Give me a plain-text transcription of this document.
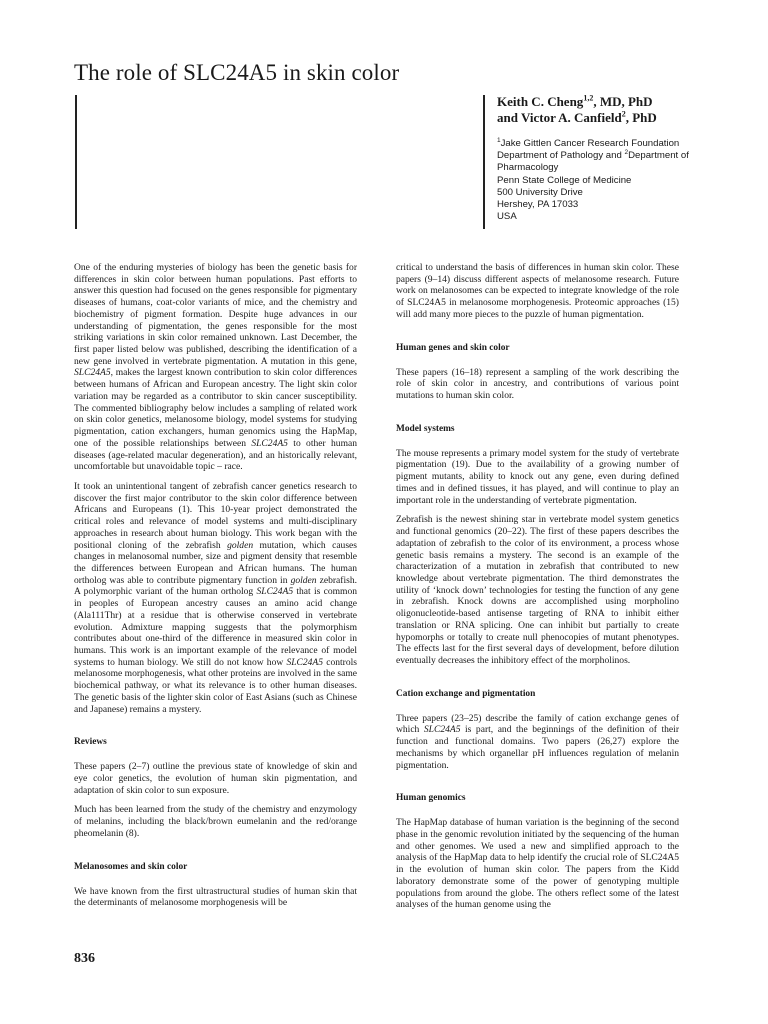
The role of SLC24A5 in skin color
Keith C. Cheng$^{1,2}$, MD, PhD
and Victor A. Canfield$^2$, PhD
$^1$Jake Gittlen Cancer Research Foundation
Department of Pathology and $^2$Department of
Pharmacology
Penn State College of Medicine
500 University Drive
Hershey, PA 17033
USA

One of the enduring mysteries of biology has been the genetic basis for differences in skin color between human populations. Past efforts to answer this question had focused on the genes responsible for pigmentary diseases of humans, coat-color variants of mice, and the chemistry and biochemistry of pigment formation. Despite huge advances in our understanding of pigmentation, the genes responsible for the most striking variations in skin color remained unknown. Last December, the first paper listed below was published, describing the identification of a new gene involved in vertebrate pigmentation. A mutation in this gene, SLC24A5, makes the largest known contribution to skin color differences between humans of African and European ancestry. The light skin color variation may be regarded as a contributor to skin cancer susceptibility. The commented bibliography below includes a sampling of related work on skin color genetics, melanosome biology, model systems for studying pigmentation, cation exchangers, human genomics using the HapMap, one of the possible relationships between SLC24A5 to other human diseases (age-related macular degeneration), and an historically relevant, uncomfortable but unavoidable topic – race.

It took an unintentional tangent of zebrafish cancer genetics research to discover the first major contributor to the skin color difference between Africans and Europeans (1). This 10-year project demonstrated the critical roles and relevance of model systems and multi-disciplinary approaches in research about human biology. This work began with the positional cloning of the zebrafish golden mutation, which causes changes in melanosomal number, size and pigment density that resemble the differences between European and African humans. The human ortholog was able to contribute pigmentary function in golden zebrafish. A polymorphic variant of the human ortholog SLC24A5 that is common in peoples of European ancestry causes an amino acid change (Ala111Thr) at a residue that is otherwise conserved in vertebrate evolution. Admixture mapping suggests that the polymorphism contributes about one-third of the difference in measured skin color in humans. This work is an important example of the relevance of model systems to human biology. We still do not know how SLC24A5 controls melanosome morphogenesis, what other proteins are involved in the same biochemical pathway, or what its relevance is to other human diseases. The genetic basis of the lighter skin color of East Asians (such as Chinese and Japanese) remains a mystery.

Reviews

These papers (2–7) outline the previous state of knowledge of skin and eye color genetics, the evolution of human skin pigmentation, and adaptation of skin color to sun exposure.

Much has been learned from the study of the chemistry and enzymology of melanins, including the black/brown eumelanin and the red/orange pheomelanin (8).

Melanosomes and skin color

We have known from the first ultrastructural studies of human skin that the determinants of melanosome morphogenesis will be

critical to understand the basis of differences in human skin color. These papers (9–14) discuss different aspects of melanosome research. Future work on melanosomes can be expected to integrate knowledge of the role of SLC24A5 in melanosome morphogenesis. Proteomic approaches (15) will add many more pieces to the puzzle of human pigmentation.

Human genes and skin color

These papers (16–18) represent a sampling of the work describing the role of skin color in ancestry, and contributions of various point mutations to human skin color.

Model systems

The mouse represents a primary model system for the study of vertebrate pigmentation (19). Due to the availability of a growing number of pigment mutants, ability to knock out any gene, even during defined times and in defined tissues, it has played, and will continue to play an important role in the understanding of vertebrate pigmentation.

Zebrafish is the newest shining star in vertebrate model system genetics and functional genomics (20–22). The first of these papers describes the adaptation of zebrafish to the color of its environment, a process whose genetic basis remains a mystery. The second is an example of the characterization of a mutation in zebrafish that contributed to new knowledge about vertebrate pigmentation. The third demonstrates the utility of ‘knock down’ technologies for testing the function of any gene in zebrafish. Knock downs are accomplished using morpholino oligonucleotide-based antisense targeting of RNA to inhibit either translation or RNA splicing. One can inhibit but partially to create hypomorphs or totally to create null phenocopies of mutant phenotypes. The effects last for the first several days of development, before dilution eventually decreases the inhibitory effect of the morpholinos.

Cation exchange and pigmentation

Three papers (23–25) describe the family of cation exchange genes of which SLC24A5 is part, and the beginnings of the definition of their function and functional domains. Two papers (26,27) explore the mechanisms by which organellar pH influences regulation of melanin pigmentation.

Human genomics

The HapMap database of human variation is the beginning of the second phase in the genomic revolution initiated by the sequencing of the human and other genomes. We used a new and simplified approach to the analysis of the HapMap data to help identify the crucial role of SLC24A5 in the evolution of human skin color. The papers from the Kidd laboratory demonstrate some of the power of genotyping multiple populations from around the globe. The others reflect some of the latest analyses of the human genome using the

836
